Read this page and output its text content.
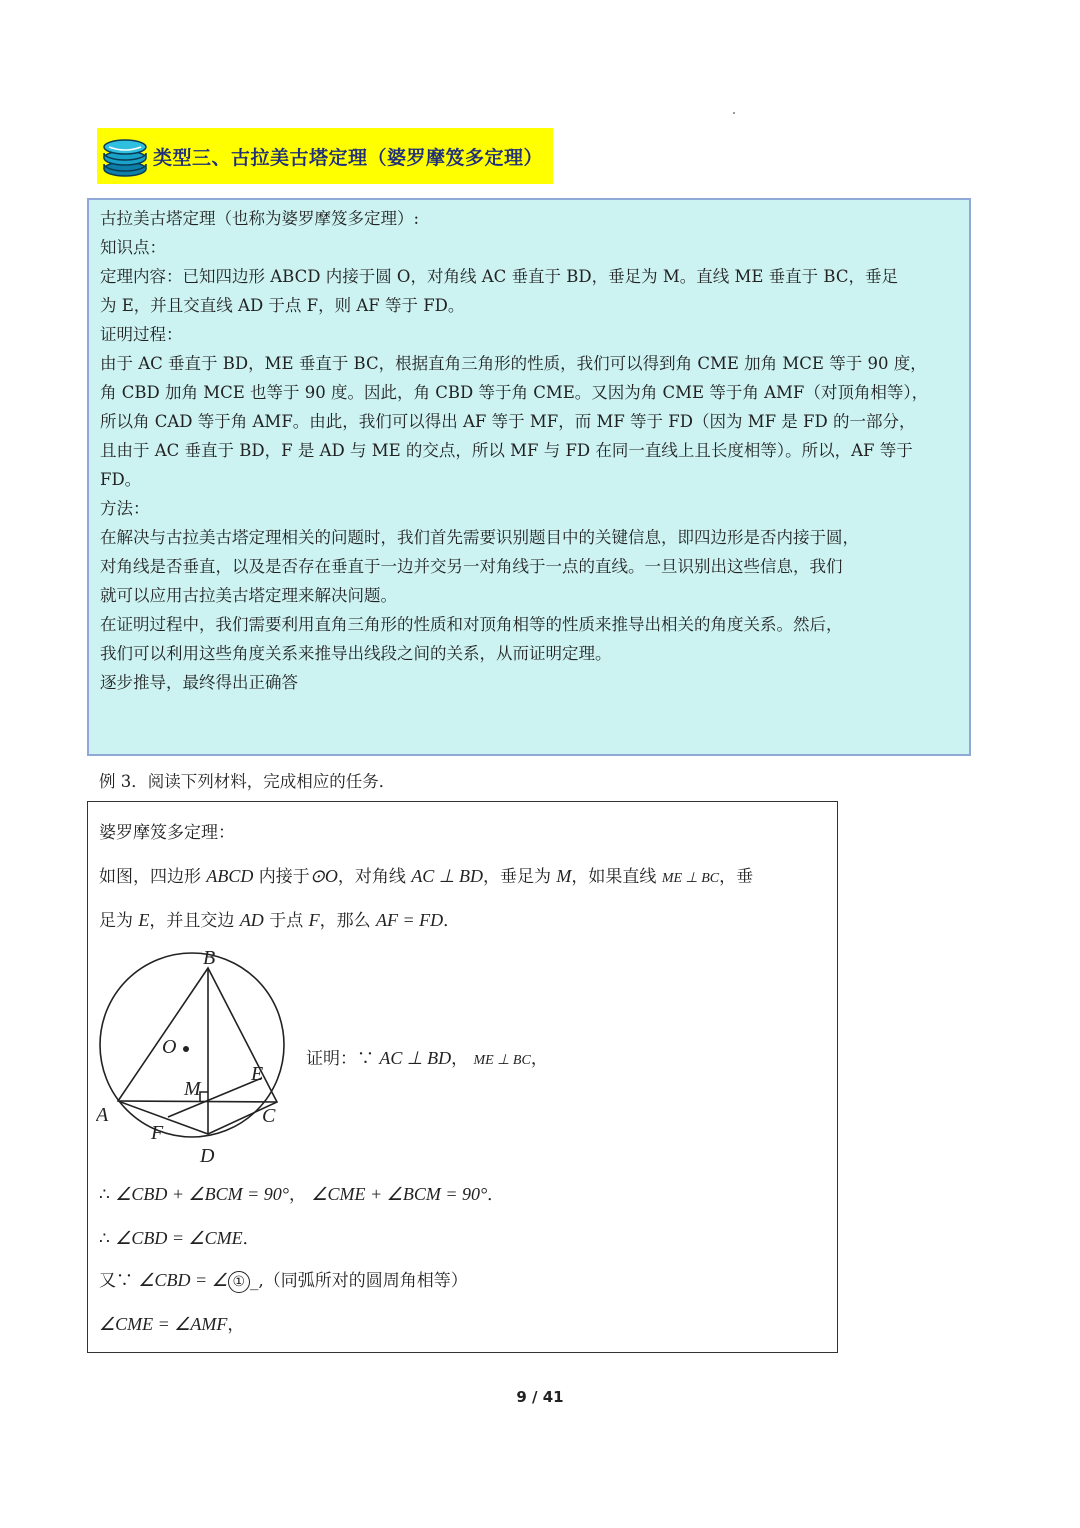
类型三、古拉美古塔定理（婆罗摩笈多定理）

古拉美古塔定理（也称为婆罗摩笈多定理）:

知识点：

定理内容：已知四边形 ABCD 内接于圆 O，对角线 AC 垂直于 BD，垂足为 M。直线 ME 垂直于 BC，垂足

为 E，并且交直线 AD 于点 F，则 AF 等于 FD。

证明过程：

由于 AC 垂直于 BD，ME 垂直于 BC，根据直角三角形的性质，我们可以得到角 CME 加角 MCE 等于 90 度，

角 CBD 加角 MCE 也等于 90 度。因此，角 CBD 等于角 CME。又因为角 CME 等于角 AMF（对顶角相等），

所以角 CAD 等于角 AMF。由此，我们可以得出 AF 等于 MF，而 MF 等于 FD（因为 MF 是 FD 的一部分，

且由于 AC 垂直于 BD，F 是 AD 与 ME 的交点，所以 MF 与 FD 在同一直线上且长度相等）。所以，AF 等于

FD。

方法：

在解决与古拉美古塔定理相关的问题时，我们首先需要识别题目中的关键信息，即四边形是否内接于圆，

对角线是否垂直，以及是否存在垂直于一边并交另一对角线于一点的直线。一旦识别出这些信息，我们

就可以应用古拉美古塔定理来解决问题。

在证明过程中，我们需要利用直角三角形的性质和对顶角相等的性质来推导出相关的角度关系。然后，

我们可以利用这些角度关系来推导出线段之间的关系，从而证明定理。

逐步推导，最终得出正确答

例 3．阅读下列材料，完成相应的任务．
婆罗摩笈多定理：
如图，四边形 ABCD 内接于⊙O，对角线 AC ⊥ BD，垂足为 M，如果直线 ME ⊥ BC，垂
足为 E，并且交边 AD 于点 F，那么 AF = FD．
B
O
M
E
A	C
F
D
证明：∵ AC ⊥ BD， ME ⊥ BC，
∴ ∠CBD + ∠BCM = 90°， ∠CME + ∠BCM = 90°．
∴ ∠CBD = ∠CME．
又∵ ∠CBD = ∠ ① _,（同弧所对的圆周角相等）
∠CME = ∠AMF，
9 / 41
